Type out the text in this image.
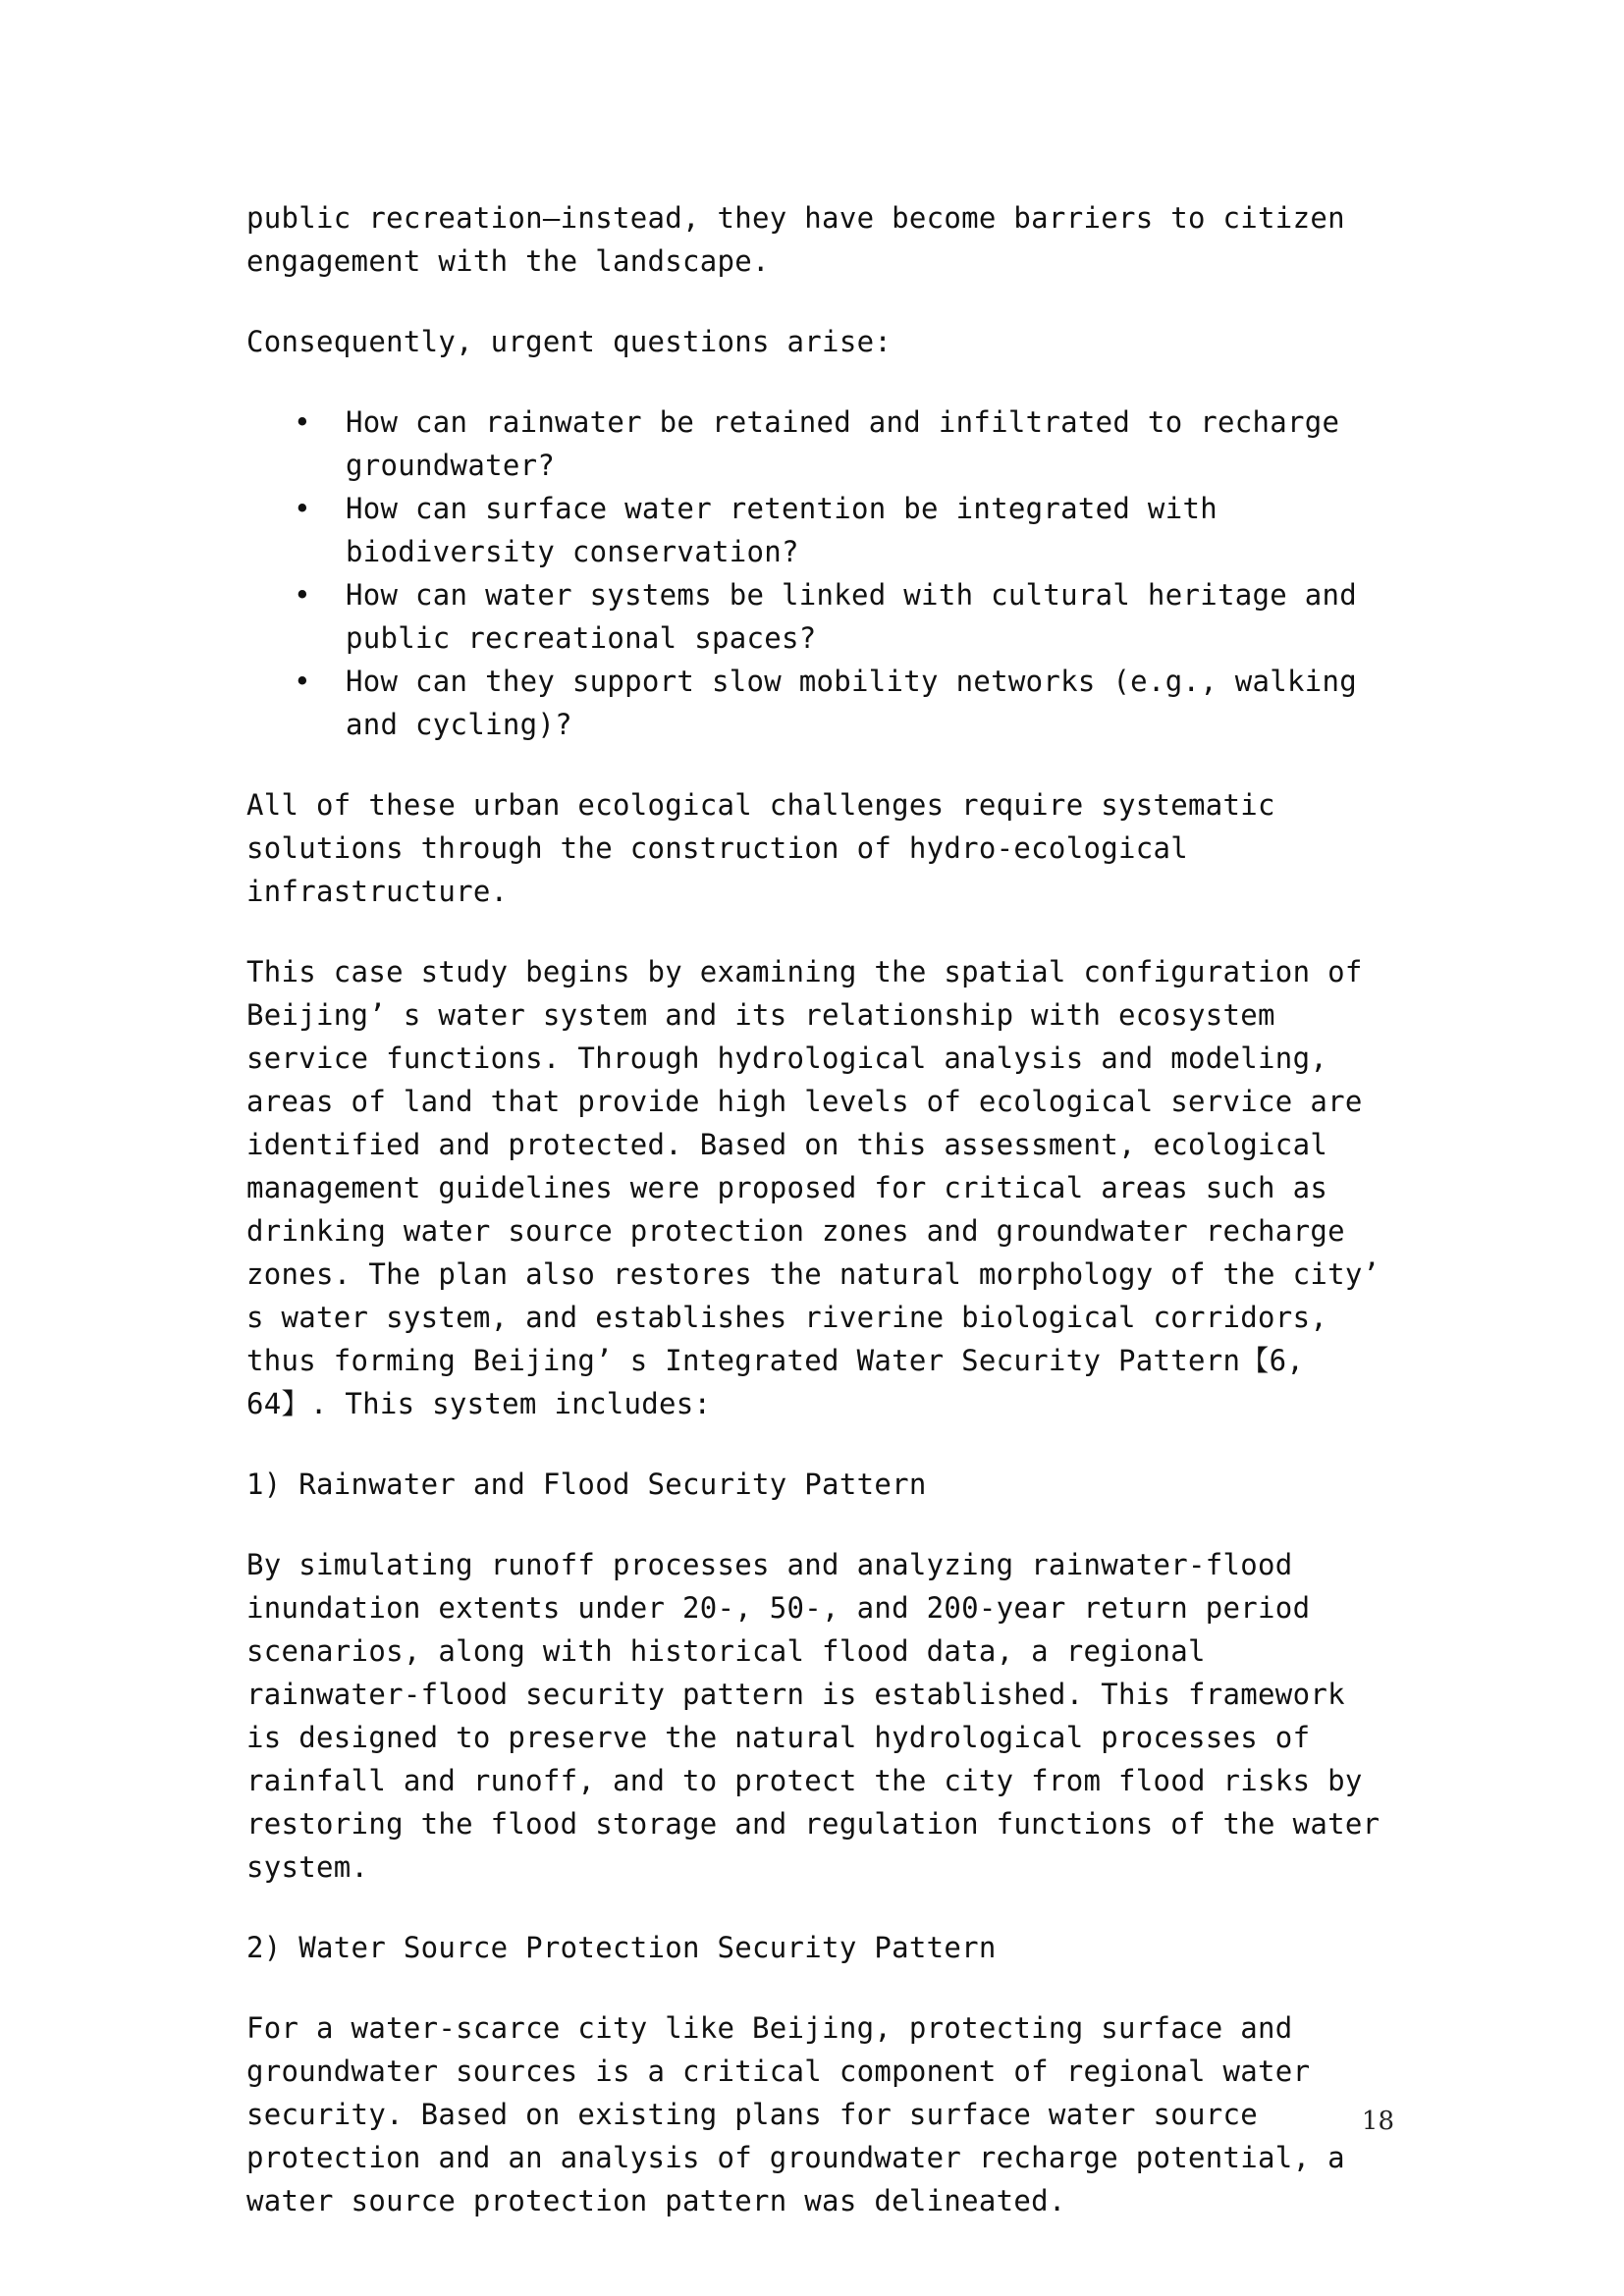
public recreation—instead, they have become barriers to citizen engagement with the landscape.

Consequently, urgent questions arise:

• How can rainwater be retained and infiltrated to recharge groundwater?
• How can surface water retention be integrated with biodiversity conservation?
• How can water systems be linked with cultural heritage and public recreational spaces?
• How can they support slow mobility networks (e.g., walking and cycling)?

All of these urban ecological challenges require systematic solutions through the construction of hydro-ecological infrastructure.

This case study begins by examining the spatial configuration of Beijing’ s water system and its relationship with ecosystem service functions. Through hydrological analysis and modeling, areas of land that provide high levels of ecological service are identified and protected. Based on this assessment, ecological management guidelines were proposed for critical areas such as drinking water source protection zones and groundwater recharge zones. The plan also restores the natural morphology of the city’ s water system, and establishes riverine biological corridors, thus forming Beijing’ s Integrated Water Security Pattern【6, 64】. This system includes:

1) Rainwater and Flood Security Pattern

By simulating runoff processes and analyzing rainwater-flood inundation extents under 20-, 50-, and 200-year return period scenarios, along with historical flood data, a regional rainwater-flood security pattern is established. This framework is designed to preserve the natural hydrological processes of rainfall and runoff, and to protect the city from flood risks by restoring the flood storage and regulation functions of the water system.

2) Water Source Protection Security Pattern

For a water-scarce city like Beijing, protecting surface and groundwater sources is a critical component of regional water security. Based on existing plans for surface water source protection and an analysis of groundwater recharge potential, a water source protection pattern was delineated.

18
